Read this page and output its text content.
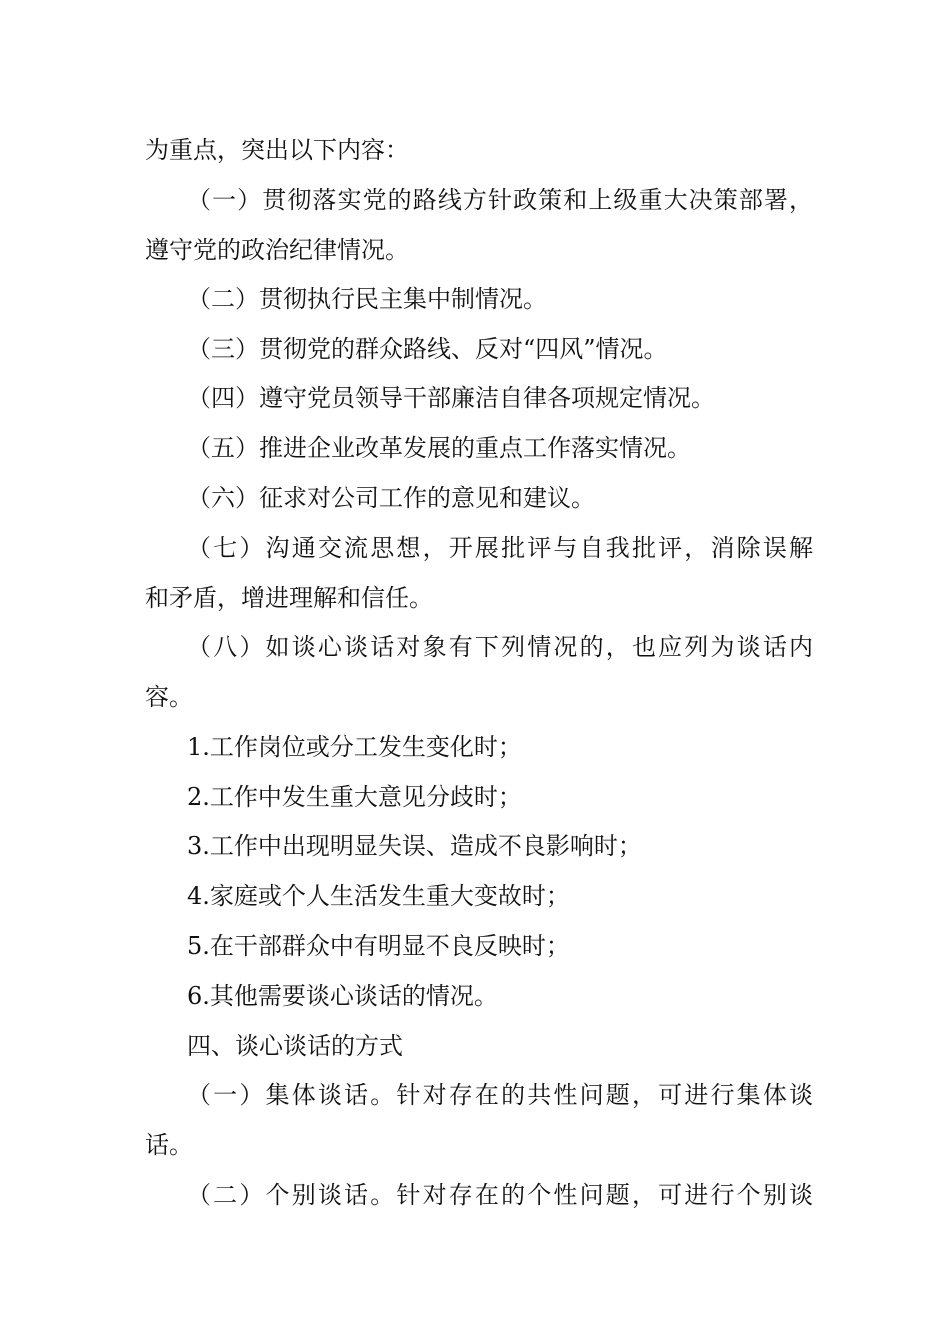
为重点，突出以下内容：
（一）贯彻落实党的路线方针政策和上级重大决策部署，
遵守党的政治纪律情况。
（二）贯彻执行民主集中制情况。
（三）贯彻党的群众路线、反对“四风”情况。
（四）遵守党员领导干部廉洁自律各项规定情况。
（五）推进企业改革发展的重点工作落实情况。
（六）征求对公司工作的意见和建议。
（七）沟通交流思想，开展批评与自我批评，消除误解
和矛盾，增进理解和信任。
（八）如谈心谈话对象有下列情况的，也应列为谈话内
容。
1.工作岗位或分工发生变化时；
2.工作中发生重大意见分歧时；
3.工作中出现明显失误、造成不良影响时；
4.家庭或个人生活发生重大变故时；
5.在干部群众中有明显不良反映时；
6.其他需要谈心谈话的情况。
四、谈心谈话的方式
（一）集体谈话。针对存在的共性问题，可进行集体谈
话。
（二）个别谈话。针对存在的个性问题，可进行个别谈
